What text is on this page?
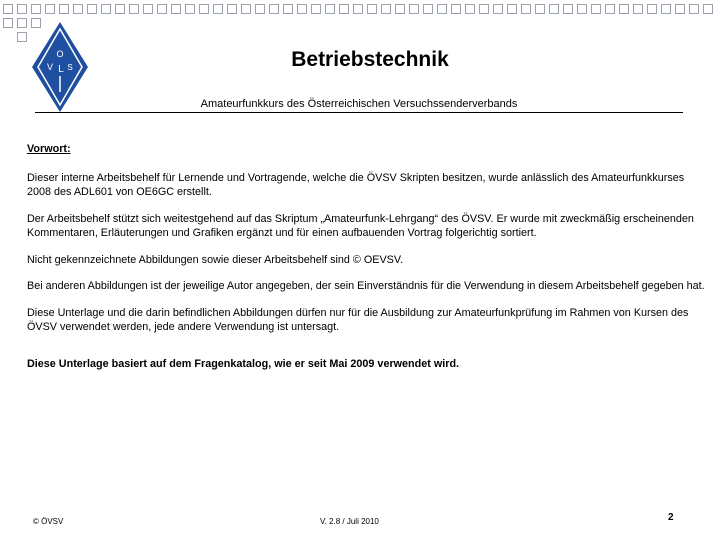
O
V L S	Betriebstechnik
Amateurfunkkurs des Österreichischen Versuchssenderverbands

Vorwort:

Dieser interne Arbeitsbehelf für Lernende und Vortragende, welche die ÖVSV Skripten besitzen, wurde anlässlich des Amateurfunkkurses 2008 des ADL601 von OE6GC erstellt.

Der Arbeitsbehelf stützt sich weitestgehend auf das Skriptum „Amateurfunk-Lehrgang“ des ÖVSV. Er wurde mit zweckmäßig erscheinenden Kommentaren, Erläuterungen und Grafiken ergänzt und für einen aufbauenden Vortrag folgerichtig sortiert.

Nicht gekennzeichnete Abbildungen sowie dieser Arbeitsbehelf sind © OEVSV.

Bei anderen Abbildungen ist der jeweilige Autor angegeben, der sein Einverständnis für die Verwendung in diesem Arbeitsbehelf gegeben hat.

Diese Unterlage und die darin befindlichen Abbildungen dürfen nur für die Ausbildung zur Amateurfunkprüfung im Rahmen von Kursen des ÖVSV verwendet werden, jede andere Verwendung ist untersagt.

Diese Unterlage basiert auf dem Fragenkatalog, wie er seit Mai 2009 verwendet wird.

© ÖVSV	V. 2.8 / Juli 2010	2
